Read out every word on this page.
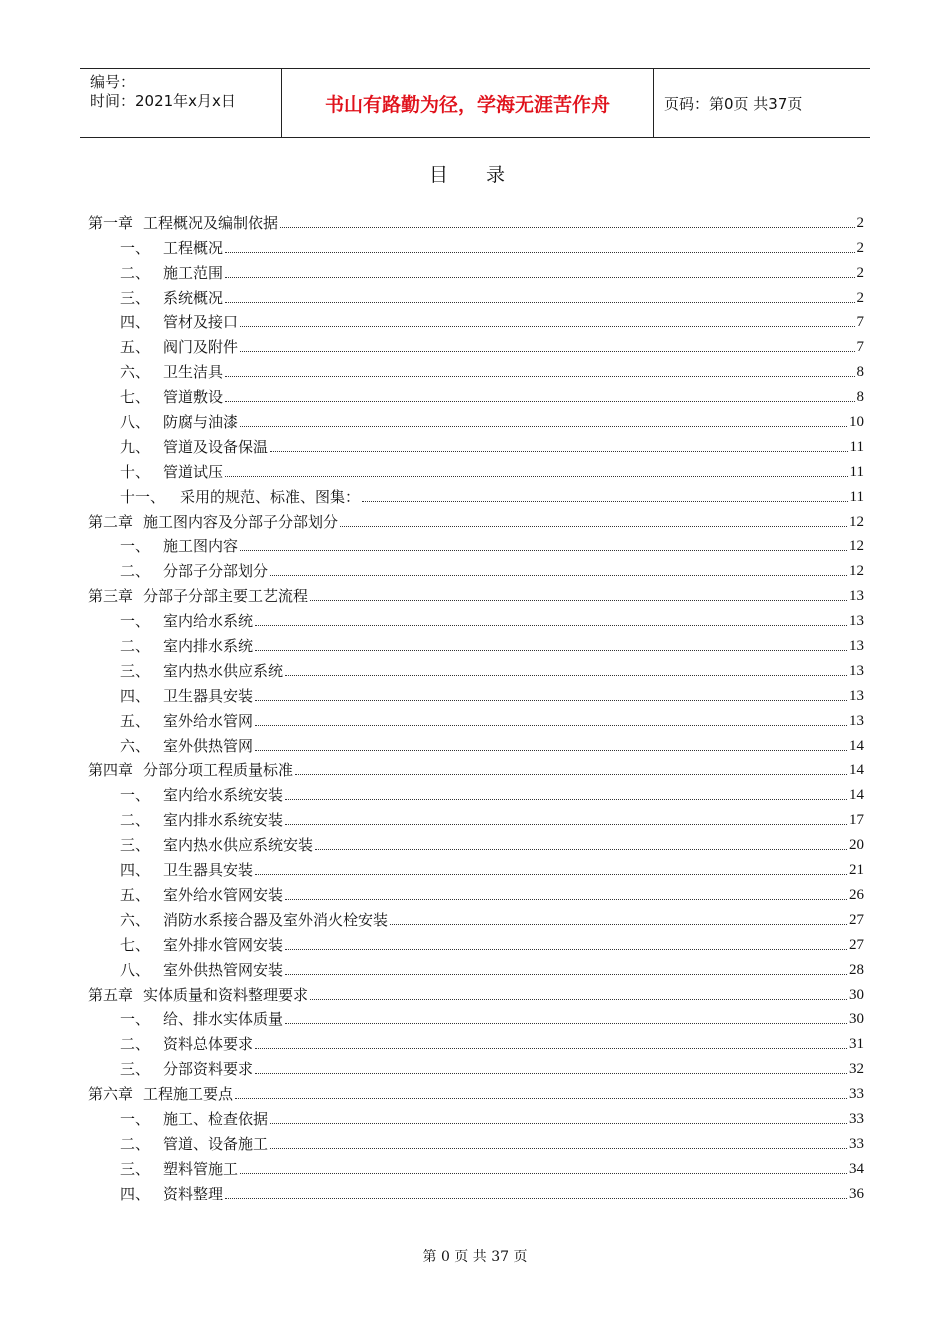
编号：
时间：2021年x月x日	书山有路勤为径，学海无涯苦作舟	页码：第0页 共37页
目 录
第一章 工程概况及编制依据	2
一、 工程概况	2
二、 施工范围	2
三、 系统概况	2
四、 管材及接口	7
五、 阀门及附件	7
六、 卫生洁具	8
七、 管道敷设	8
八、 防腐与油漆	10
九、 管道及设备保温	11
十、 管道试压	11
十一、 采用的规范、标准、图集：	11
第二章 施工图内容及分部子分部划分	12
一、 施工图内容	12
二、 分部子分部划分	12
第三章 分部子分部主要工艺流程	13
一、 室内给水系统	13
二、 室内排水系统	13
三、 室内热水供应系统	13
四、 卫生器具安装	13
五、 室外给水管网	13
六、 室外供热管网	14
第四章 分部分项工程质量标准	14
一、 室内给水系统安装	14
二、 室内排水系统安装	17
三、 室内热水供应系统安装	20
四、 卫生器具安装	21
五、 室外给水管网安装	26
六、 消防水系接合器及室外消火栓安装	27
七、 室外排水管网安装	27
八、 室外供热管网安装	28
第五章 实体质量和资料整理要求	30
一、 给、排水实体质量	30
二、 资料总体要求	31
三、 分部资料要求	32
第六章 工程施工要点	33
一、 施工、检查依据	33
二、 管道、设备施工	33
三、 塑料管施工	34
四、 资料整理	36
第 0 页 共 37 页
